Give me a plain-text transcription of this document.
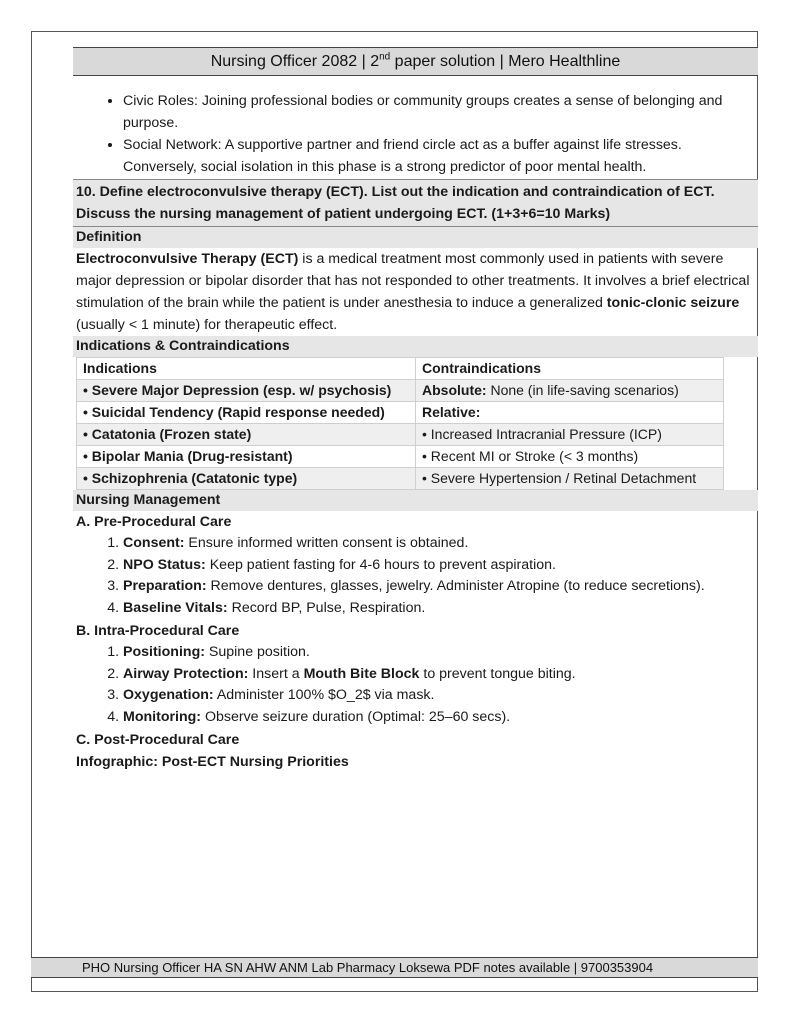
Nursing Officer 2082 | 2nd paper solution | Mero Healthline
• Civic Roles: Joining professional bodies or community groups creates a sense of belonging and purpose.
• Social Network: A supportive partner and friend circle act as a buffer against life stresses. Conversely, social isolation in this phase is a strong predictor of poor mental health.
10. Define electroconvulsive therapy (ECT). List out the indication and contraindication of ECT.
Discuss the nursing management of patient undergoing ECT. (1+3+6=10 Marks)
Definition
Electroconvulsive Therapy (ECT) is a medical treatment most commonly used in patients with severe major depression or bipolar disorder that has not responded to other treatments. It involves a brief electrical stimulation of the brain while the patient is under anesthesia to induce a generalized tonic-clonic seizure (usually < 1 minute) for therapeutic effect.
Indications & Contraindications
Indications	Contraindications
• Severe Major Depression (esp. w/ psychosis)	Absolute: None (in life-saving scenarios)
• Suicidal Tendency (Rapid response needed)	Relative:
• Catatonia (Frozen state)	• Increased Intracranial Pressure (ICP)
• Bipolar Mania (Drug-resistant)	• Recent MI or Stroke (< 3 months)
• Schizophrenia (Catatonic type)	• Severe Hypertension / Retinal Detachment
Nursing Management
A. Pre-Procedural Care
1. Consent: Ensure informed written consent is obtained.
2. NPO Status: Keep patient fasting for 4-6 hours to prevent aspiration.
3. Preparation: Remove dentures, glasses, jewelry. Administer Atropine (to reduce secretions).
4. Baseline Vitals: Record BP, Pulse, Respiration.
B. Intra-Procedural Care
1. Positioning: Supine position.
2. Airway Protection: Insert a Mouth Bite Block to prevent tongue biting.
3. Oxygenation: Administer 100% $O_2$ via mask.
4. Monitoring: Observe seizure duration (Optimal: 25–60 secs).
C. Post-Procedural Care
Infographic: Post-ECT Nursing Priorities
PHO Nursing Officer HA SN AHW ANM Lab Pharmacy Loksewa PDF notes available | 9700353904
